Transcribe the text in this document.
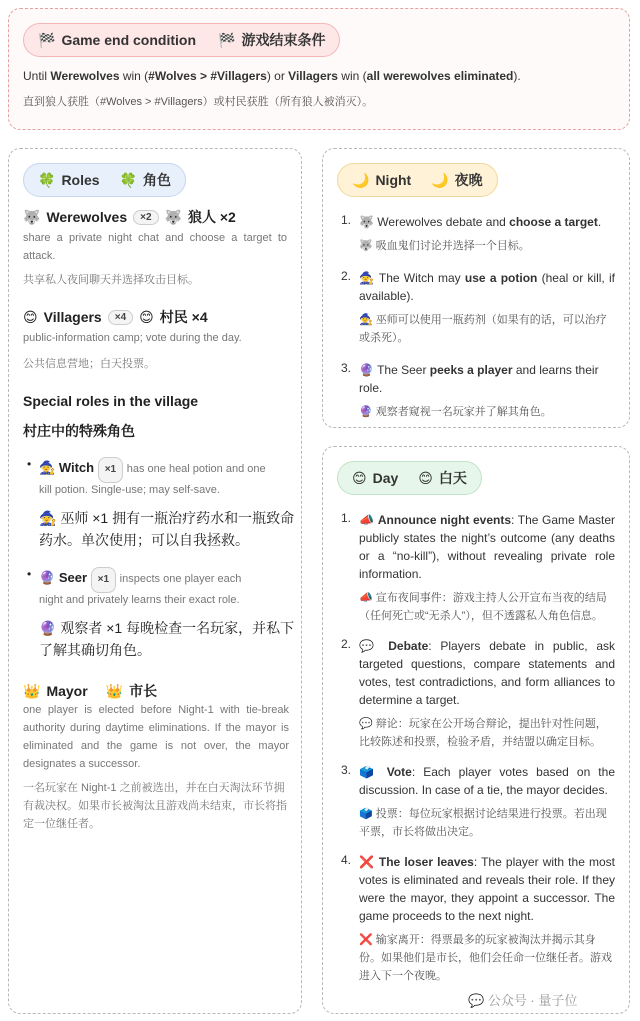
🏁 Game end condition 🏁 游戏结束条件
Until Werewolves win (#Wolves > #Villagers) or Villagers win (all werewolves eliminated).
直到狼人获胜（#Wolves > #Villagers）或村民获胜（所有狼人被消灭）。
🍀 Roles 🍀 角色
🐺 Werewolves	×2 🐺 狼人 ×2
share a private night chat and choose a target to attack.
共享私人夜间聊天并选择攻击目标。
😊 Villagers	×4 😊 村民 ×4
public-information camp; vote during the day.
公共信息营地；白天投票。
Special roles in the village
村庄中的特殊角色
• 🧙 Witch ×1 has one heal potion and one
kill potion. Single-use; may self-save.
🧙 巫师 ×1 拥有一瓶治疗药水和一瓶致命
药水。单次使用；可以自我拯救。
• 🔮 Seer ×1 inspects one player each
night and privately learns their exact role.
🔮 观察者 ×1 每晚检查一名玩家，并私下
了解其确切角色。
👑 Mayor 👑 市长
one player is elected before Night-1 with tie-break authority during daytime eliminations. If the mayor is eliminated and the game is not over, the mayor designates a successor.
一名玩家在 Night-1 之前被选出，并在白天淘汰环节拥有裁决权。如果市长被淘汰且游戏尚未结束，市长将指定一位继任者。
🌙 Night 🌙 夜晚
1. 🐺 Werewolves debate and choose a target.
🐺 吸血鬼们讨论并选择一个目标。
2. 🧙 The Witch may use a potion (heal or kill, if available).
🧙 巫师可以使用一瓶药剂（如果有的话，可以治疗或杀死）。
3. 🔮 The Seer peeks a player and learns their role.
🔮 观察者窥视一名玩家并了解其角色。
😊 Day 😊 白天
1. 📣 Announce night events: The Game Master publicly states the night’s outcome (any deaths or a “no-kill”), without revealing private role information.
📣 宣布夜间事件：游戏主持人公开宣布当夜的结局（任何死亡或“无杀人”），但不透露私人角色信息。
2. 💬 Debate: Players debate in public, ask targeted questions, compare statements and votes, test contradictions, and form alliances to determine a target.
💬 辩论：玩家在公开场合辩论，提出针对性问题，比较陈述和投票，检验矛盾，并结盟以确定目标。
3. 🗳️ Vote: Each player votes based on the discussion. In case of a tie, the mayor decides.
🗳️ 投票：每位玩家根据讨论结果进行投票。若出现平票，市长将做出决定。
4. ❌ The loser leaves: The player with the most votes is eliminated and reveals their role. If they were the mayor, they appoint a successor. The game proceeds to the next night.
❌ 输家离开：得票最多的玩家被淘汰并揭示其身份。如果他们是市长，他们会任命一位继任者。游戏进入下一个夜晚。
💬 公众号 · 量子位
